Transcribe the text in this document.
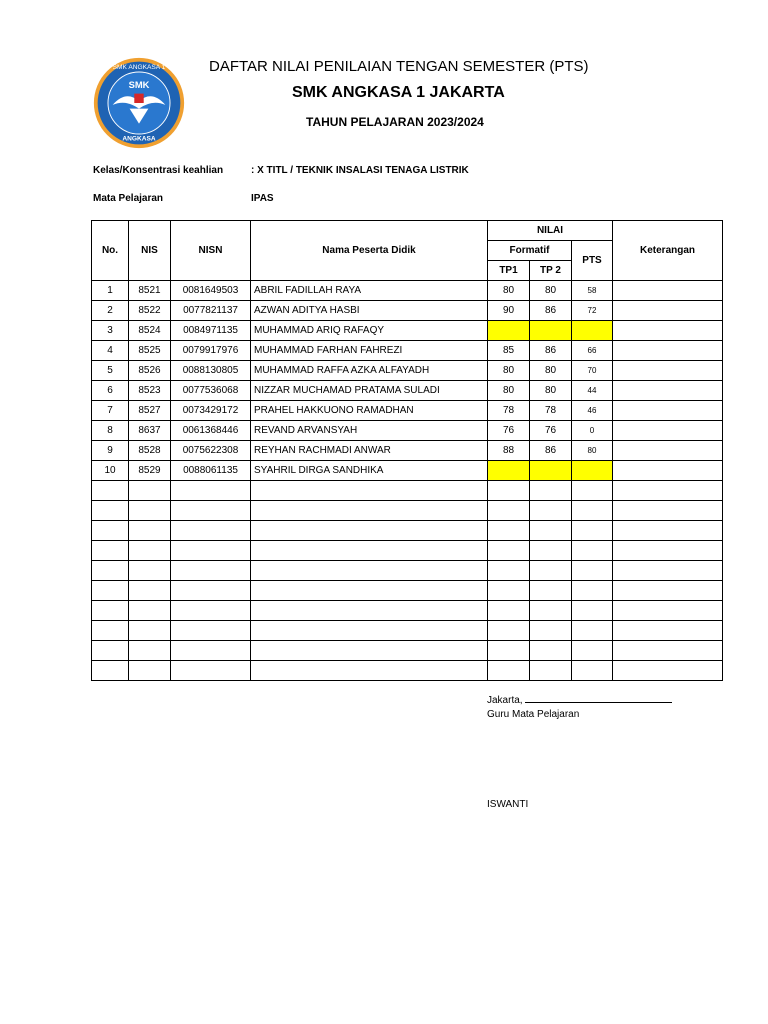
SMK
SMK ANGKASA 1
ANGKASA
DAFTAR NILAI PENILAIAN TENGAN SEMESTER (PTS)
SMK ANGKASA 1 JAKARTA
TAHUN PELAJARAN 2023/2024
Kelas/Konsentrasi keahlian	: X TITL / TEKNIK INSALASI TENAGA LISTRIK
Mata Pelajaran	IPAS
No.	NIS	NISN	Nama Peserta Didik	NILAI			Keterangan
				Formatif		PTS	
				TP1	TP 2		
1	8521	0081649503	ABRIL FADILLAH RAYA	80	80	58	
2	8522	0077821137	AZWAN ADITYA HASBI	90	86	72	
3	8524	0084971135	MUHAMMAD ARIQ RAFAQY				
4	8525	0079917976	MUHAMMAD FARHAN FAHREZI	85	86	66	
5	8526	0088130805	MUHAMMAD RAFFA AZKA ALFAYADH	80	80	70	
6	8523	0077536068	NIZZAR MUCHAMAD PRATAMA SULADI	80	80	44	
7	8527	0073429172	PRAHEL HAKKUONO RAMADHAN	78	78	46	
8	8637	0061368446	REVAND ARVANSYAH	76	76	0	
9	8528	0075622308	REYHAN RACHMADI ANWAR	88	86	80	
10	8529	0088061135	SYAHRIL DIRGA SANDHIKA				

Jakarta,
Guru Mata Pelajaran
ISWANTI
